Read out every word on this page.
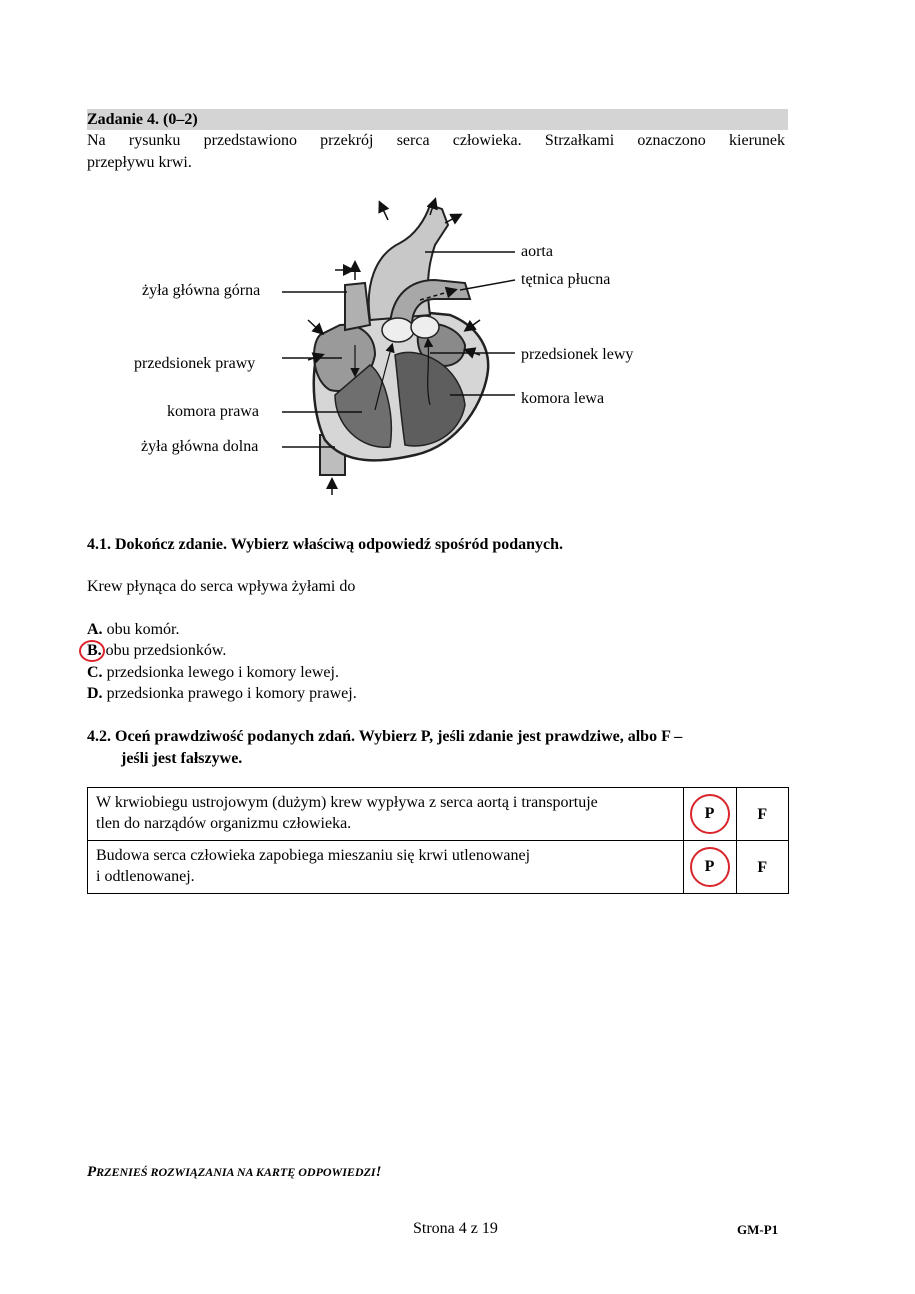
Zadanie 4. (0–2)
Na rysunku przedstawiono przekrój serca człowieka. Strzałkami oznaczono kierunek
przepływu krwi.
aorta
tętnica płucna
żyła główna górna
przedsionek prawy
przedsionek lewy
komora prawa
komora lewa
żyła główna dolna
4.1. Dokończ zdanie. Wybierz właściwą odpowiedź spośród podanych.
Krew płynąca do serca wpływa żyłami do
A. obu komór.
B. obu przedsionków.
C. przedsionka lewego i komory lewej.
D. przedsionka prawego i komory prawej.
4.2. Oceń prawdziwość podanych zdań. Wybierz P, jeśli zdanie jest prawdziwe, albo F –
jeśli jest fałszywe.
W krwiobiegu ustrojowym (dużym) krew wypływa z serca aortą i transportuje
tlen do narządów organizmu człowieka.	P	F

Budowa serca człowieka zapobiega mieszaniu się krwi utlenowanej
i odtlenowanej.	P	F
PRZENIEŚ ROZWIĄZANIA NA KARTĘ ODPOWIEDZI!
Strona 4 z 19	GM-P1
